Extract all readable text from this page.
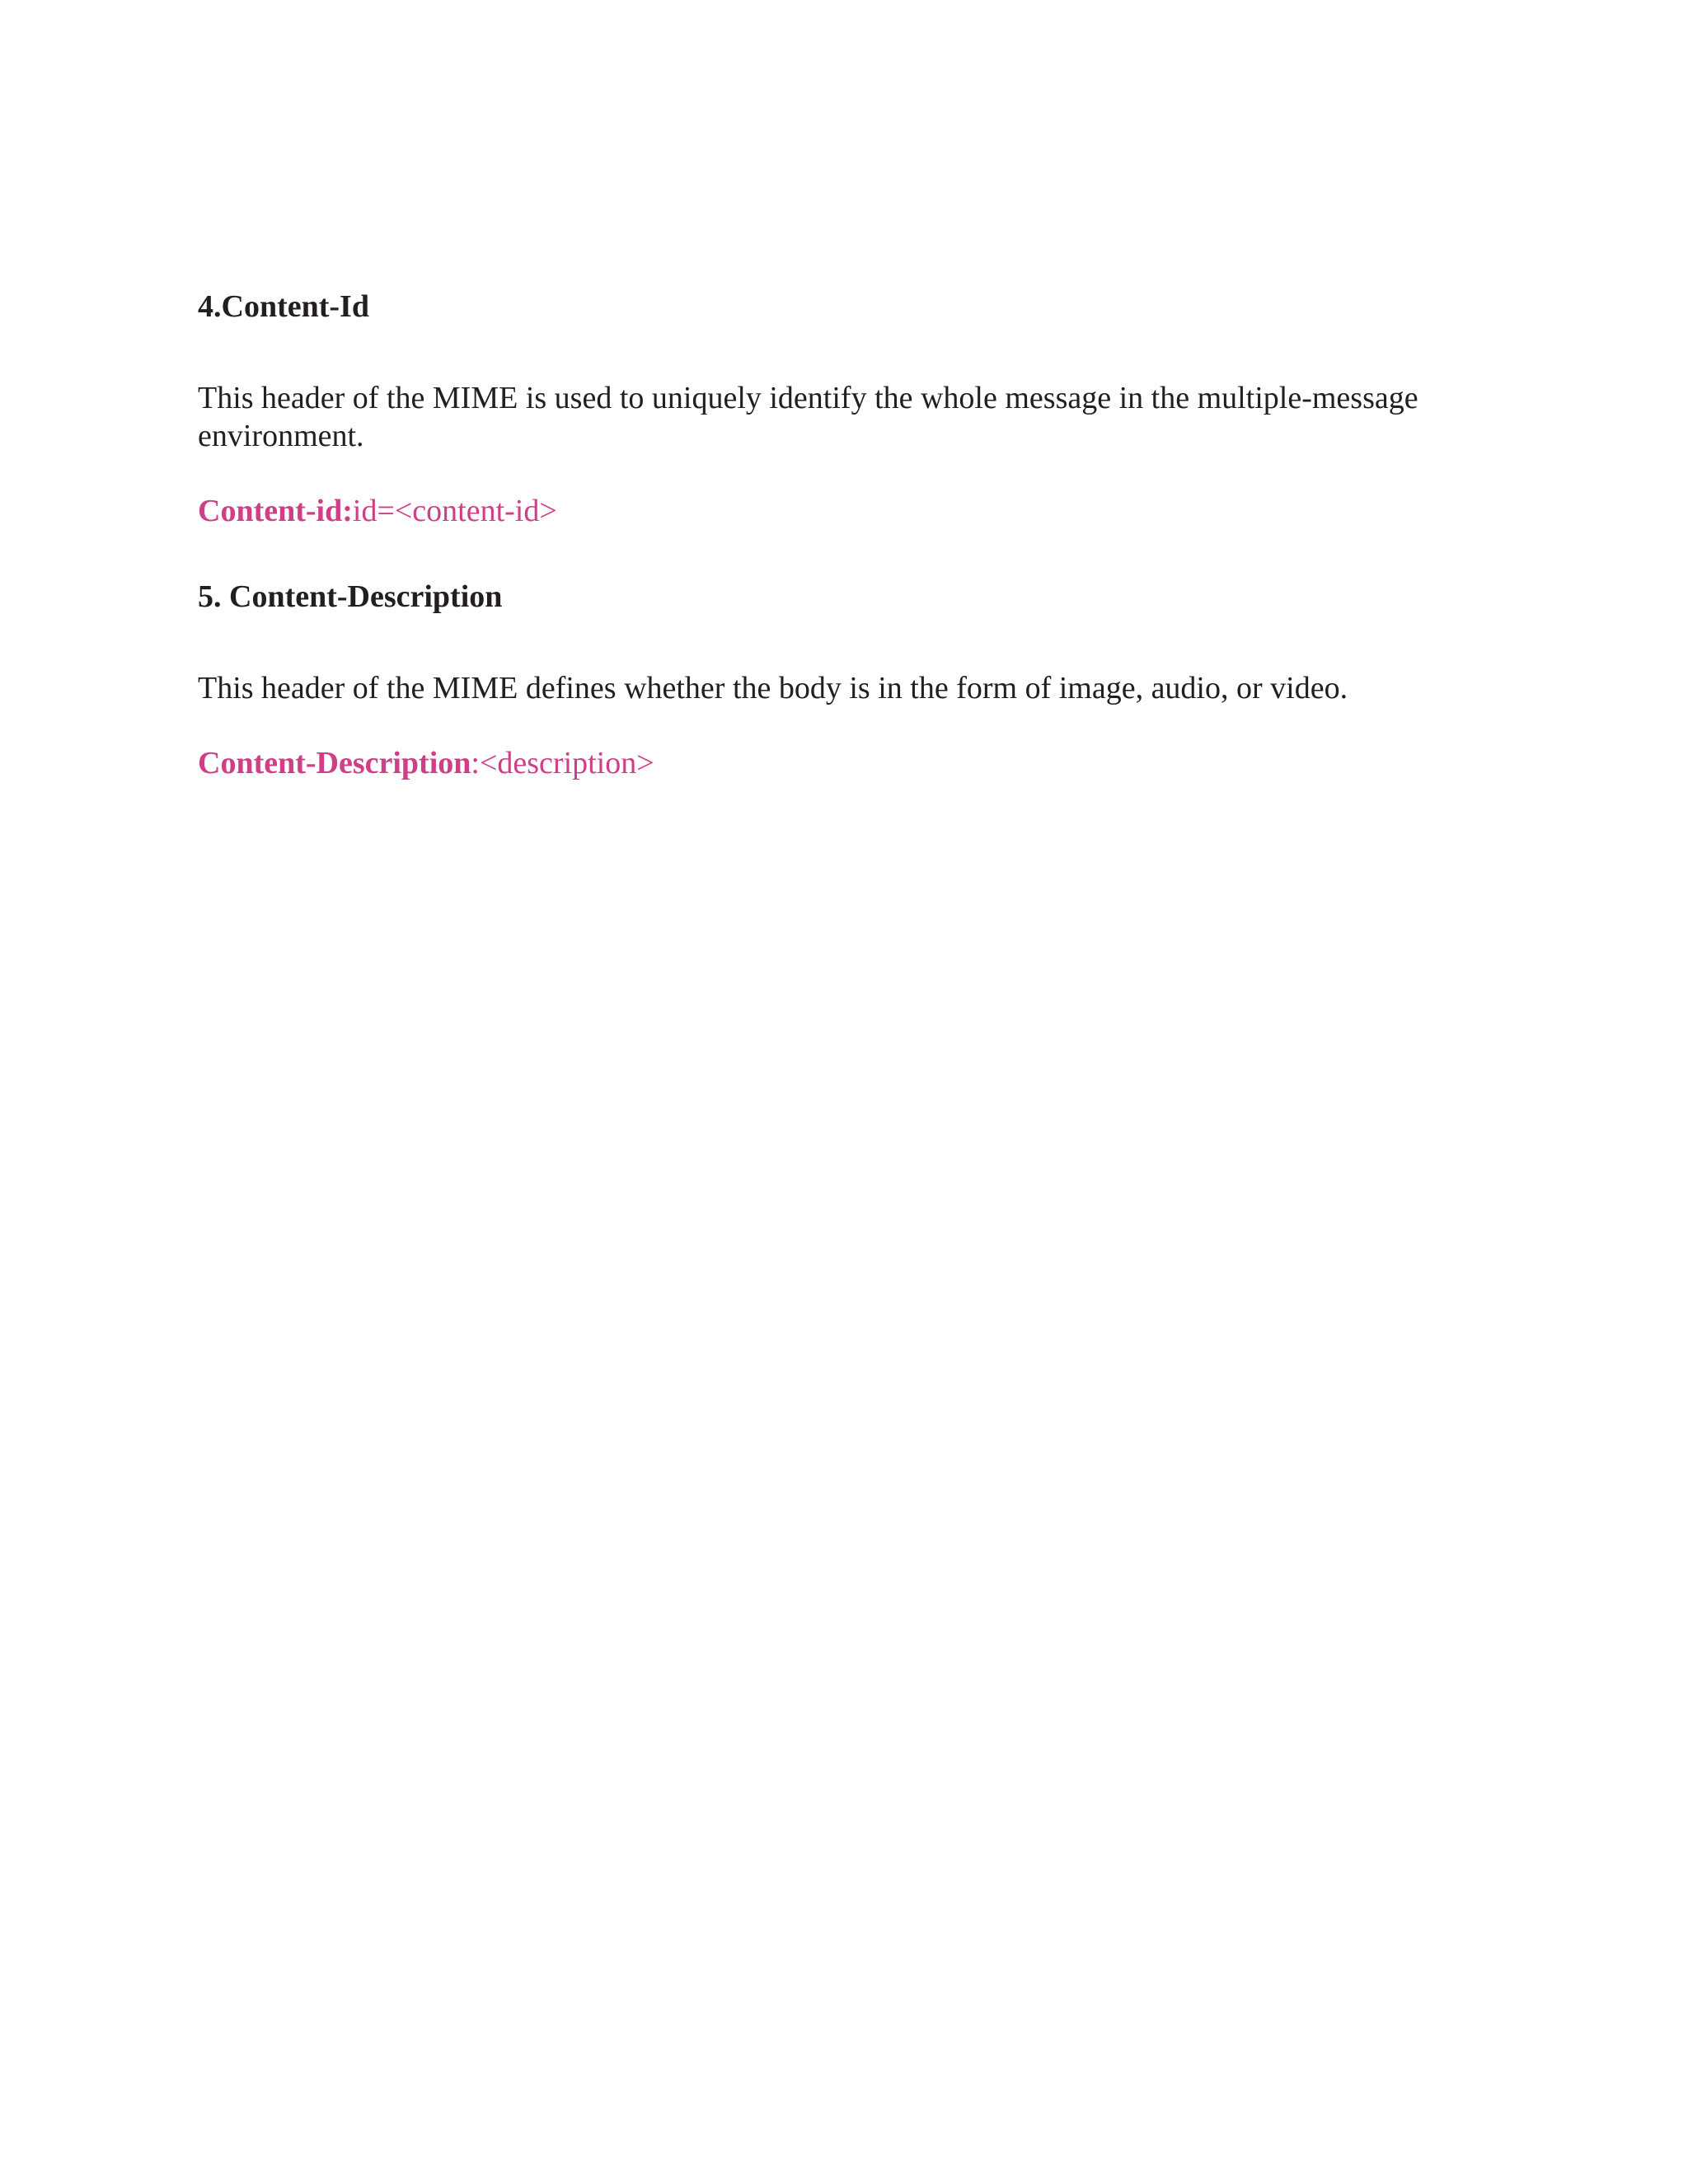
4.Content-Id

This header of the MIME is used to uniquely identify the whole message in the multiple-message environment.

Content-id:id=<content-id>

5. Content-Description

This header of the MIME defines whether the body is in the form of image, audio, or video.

Content-Description:<description>
